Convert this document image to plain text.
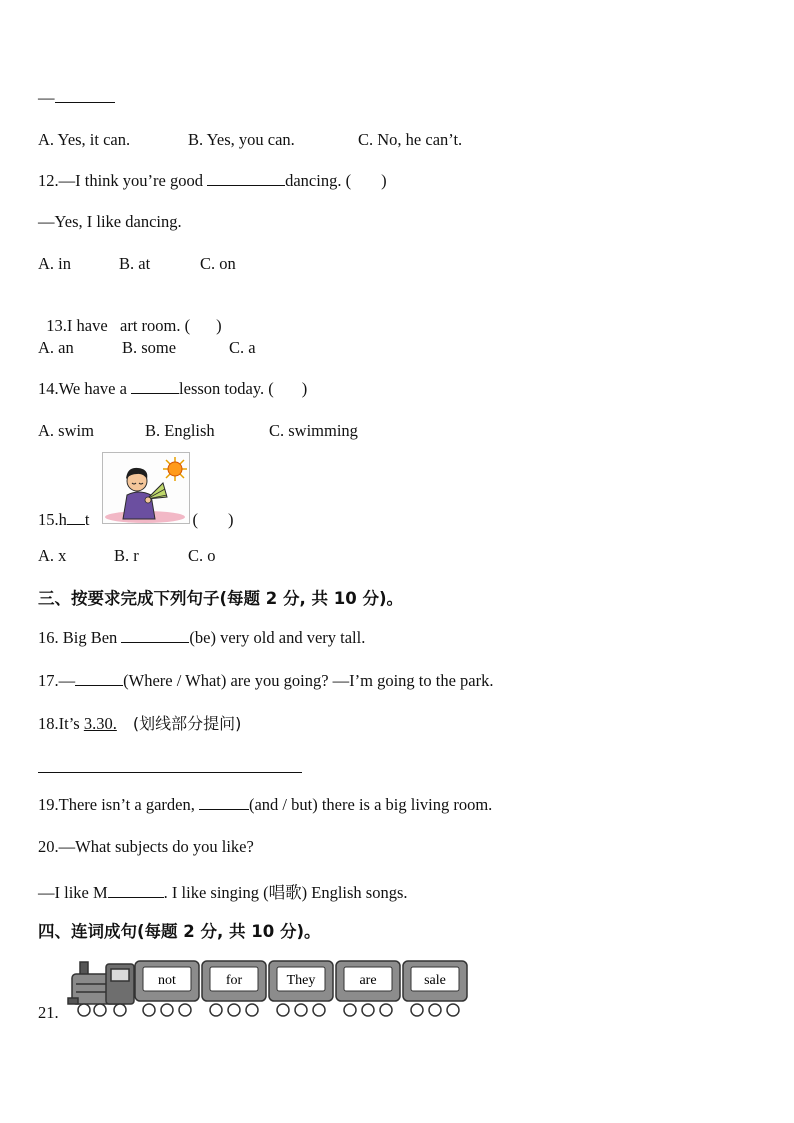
—
A. Yes, it can.	B. Yes, you can.	C. No, he can’t.
12.—I think you’re good	dancing. ( )
—Yes, I like dancing.
A. in	B. at	C. on

13.I have   art room. ( )

A. an	B. some	C. a
14.We have a	lesson today. ( )
A. swim	B. English	C. swimming
15.h t	( )
A. x	B. r	C. o
三、按要求完成下列句子(每题 2 分, 共 10 分)。
16. Big Ben	(be) very old and very tall.
17.—	(Where / What) are you going? —I’m going to the park.
18.It’s 3.30. (划线部分提问)
19.There isn’t a garden,	(and / but) there is a big living room.
20.—What subjects do you like?
—I like M	. I like singing (唱歌) English songs.
四、连词成句(每题 2 分, 共 10 分)。
21.
not	for	They	are	sale
